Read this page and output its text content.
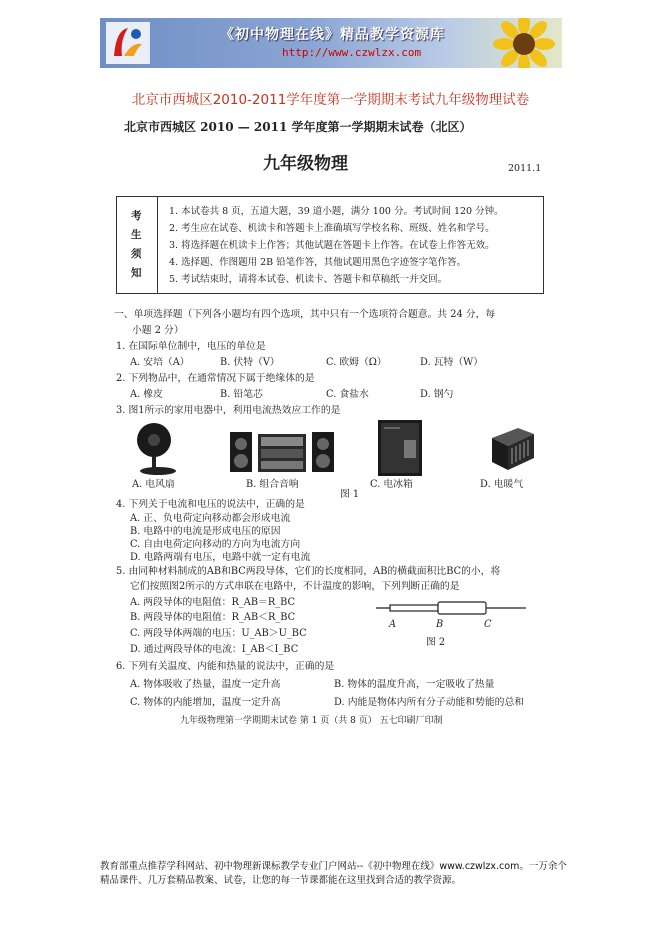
《初中物理在线》精品教学资源库
http://www.czwlzx.com
北京市西城区2010-2011学年度第一学期期末考试九年级物理试卷
北京市西城区 2010 — 2011 学年度第一学期期末试卷（北区）
九年级物理	2011.1
考
生
须
知
1. 本试卷共 8 页，五道大题，39 道小题，满分 100 分。考试时间 120 分钟。
2. 考生应在试卷、机读卡和答题卡上准确填写学校名称、班级、姓名和学号。
3. 将选择题在机读卡上作答；其他试题在答题卡上作答。在试卷上作答无效。
4. 选择题、作图题用 2B 铅笔作答，其他试题用黑色字迹签字笔作答。
5. 考试结束时，请将本试卷、机读卡、答题卡和草稿纸一并交回。
一、单项选择题（下列各小题均有四个选项，其中只有一个选项符合题意。共 24 分，每
小题 2 分）
1. 在国际单位制中，电压的单位是
A. 安培（A）	B. 伏特（V）	C. 欧姆（Ω）	D. 瓦特（W）
2. 下列物品中，在通常情况下属于绝缘体的是
A. 橡皮	B. 铅笔芯	C. 食盐水	D. 钢勺
3. 图1所示的家用电器中，利用电流热效应工作的是
A. 电风扇	B. 组合音响	C. 电冰箱	D. 电暖气
图 1
4. 下列关于电流和电压的说法中，正确的是
A. 正、负电荷定向移动都会形成电流
B. 电路中的电流是形成电压的原因
C. 自由电荷定向移动的方向为电流方向
D. 电路两端有电压，电路中就一定有电流
5. 由同种材料制成的AB和BC两段导体，它们的长度相同，AB的横截面积比BC的小，将
它们按照图2所示的方式串联在电路中，不计温度的影响，下列判断正确的是
A. 两段导体的电阻值：R_AB＝R_BC
B. 两段导体的电阻值：R_AB＜R_BC
C. 两段导体两端的电压：U_AB＞U_BC
D. 通过两段导体的电流：I_AB＜I_BC
A	B	C
图 2
6. 下列有关温度、内能和热量的说法中，正确的是
A. 物体吸收了热量，温度一定升高	B. 物体的温度升高，一定吸收了热量
C. 物体的内能增加，温度一定升高	D. 内能是物体内所有分子动能和势能的总和
九年级物理第一学期期末试卷 第 1 页（共 8 页） 五七印刷厂印制
教育部重点推荐学科网站、初中物理新课标教学专业门户网站--《初中物理在线》www.czwlzx.com。一万余个精品课件、几万套精品教案、试卷，让您的每一节课都能在这里找到合适的教学资源。
